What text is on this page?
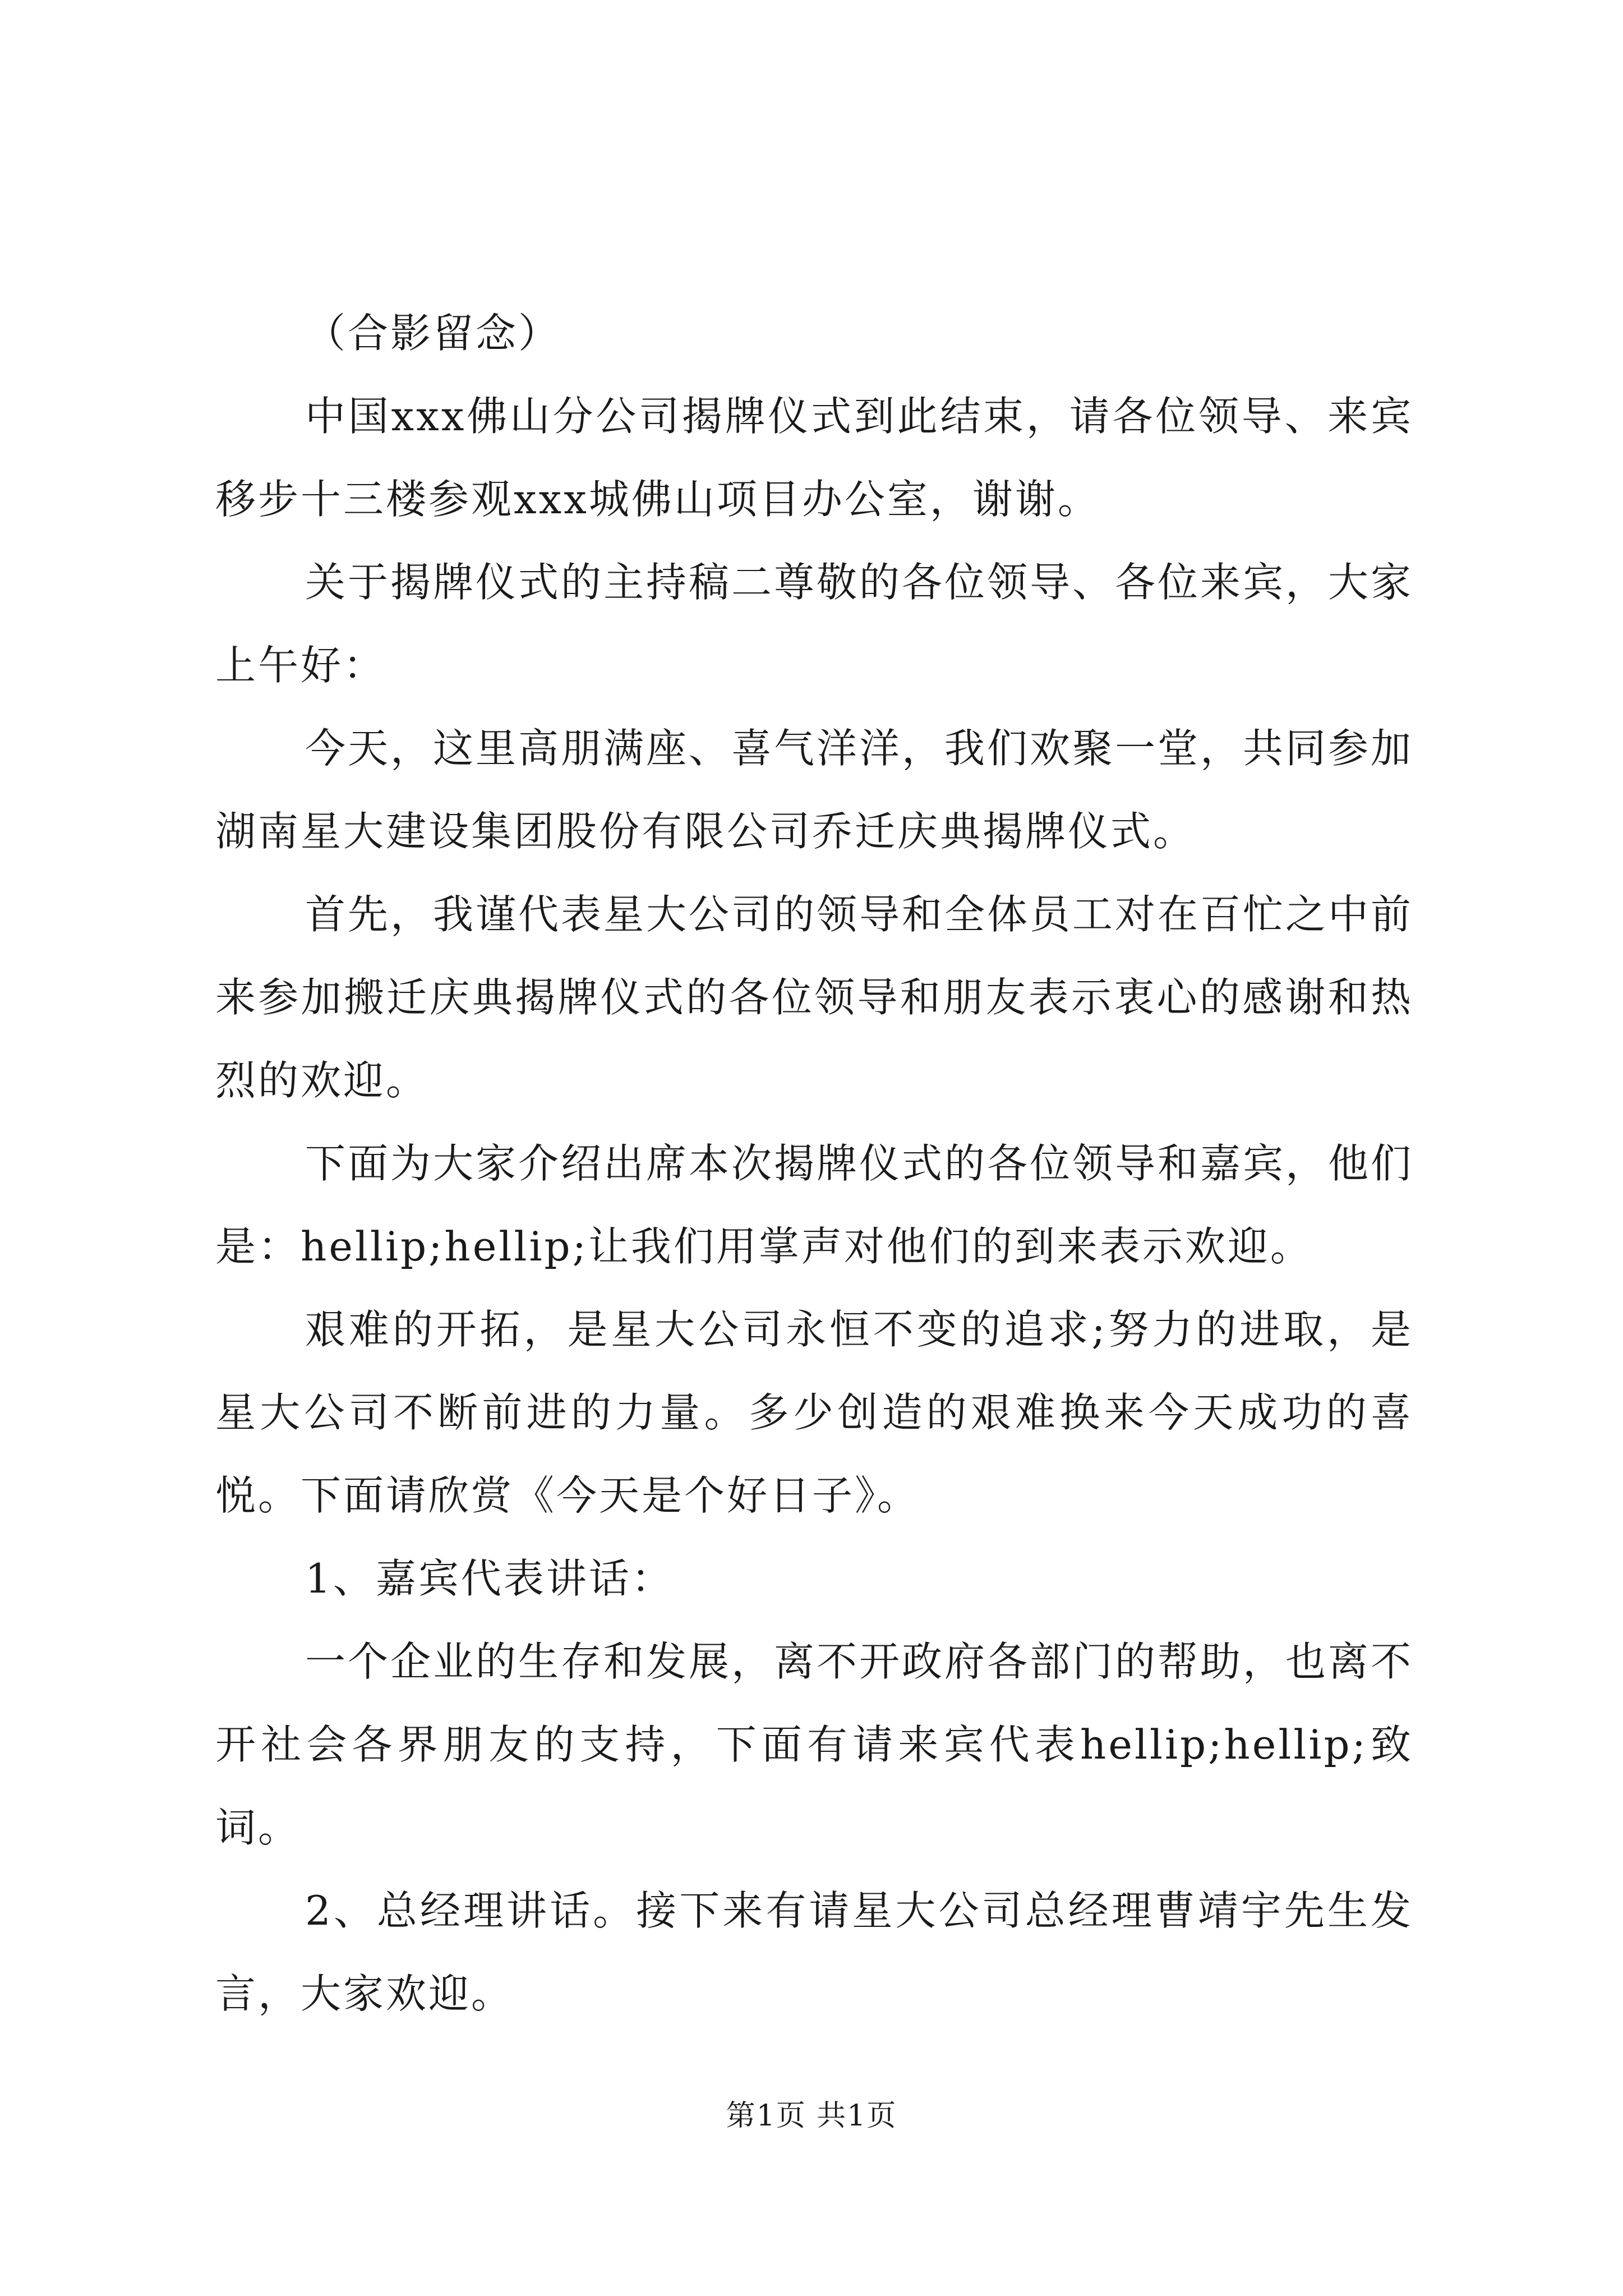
（合影留念）

中国xxx佛山分公司揭牌仪式到此结束，请各位领导、来宾移步十三楼参观xxx城佛山项目办公室，谢谢。

关于揭牌仪式的主持稿二尊敬的各位领导、各位来宾，大家上午好：

今天，这里高朋满座、喜气洋洋，我们欢聚一堂，共同参加湖南星大建设集团股份有限公司乔迁庆典揭牌仪式。

首先，我谨代表星大公司的领导和全体员工对在百忙之中前来参加搬迁庆典揭牌仪式的各位领导和朋友表示衷心的感谢和热烈的欢迎。

下面为大家介绍出席本次揭牌仪式的各位领导和嘉宾，他们是：hellip;hellip;让我们用掌声对他们的到来表示欢迎。

艰难的开拓，是星大公司永恒不变的追求;努力的进取，是星大公司不断前进的力量。多少创造的艰难换来今天成功的喜悦。下面请欣赏《今天是个好日子》。

1、嘉宾代表讲话：

一个企业的生存和发展，离不开政府各部门的帮助，也离不开社会各界朋友的支持，下面有请来宾代表hellip;hellip;致词。

2、总经理讲话。接下来有请星大公司总经理曹靖宇先生发言，大家欢迎。

第1页 共1页
